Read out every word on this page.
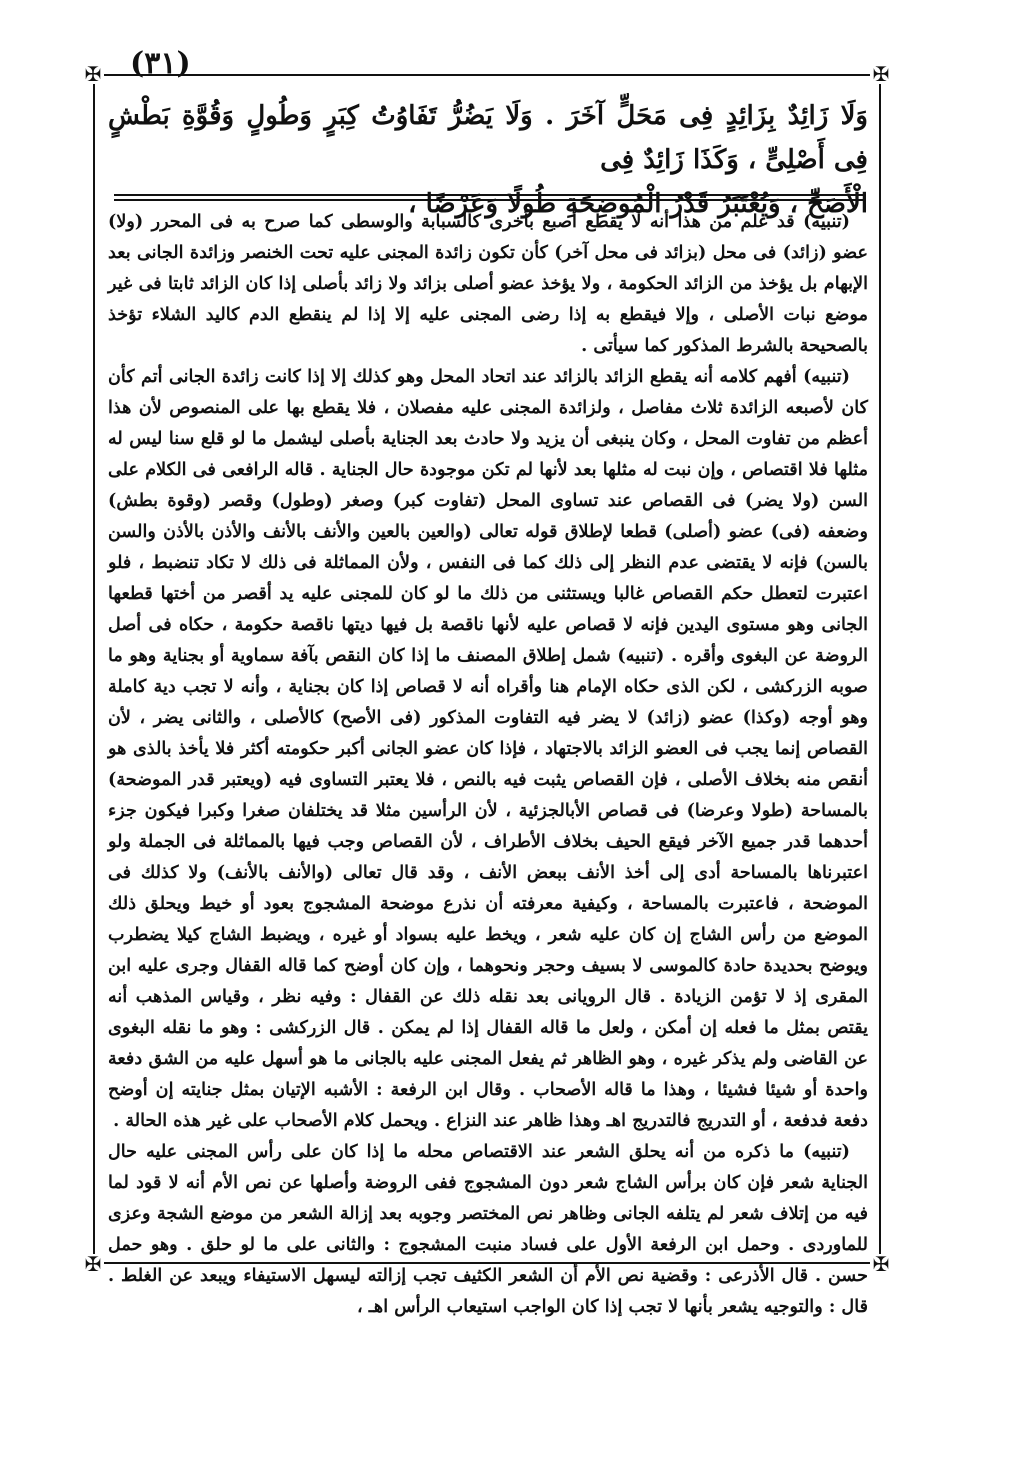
(٣١)
✠	✠
✠	✠

وَلَا زَائِدٌ بِزَائِدٍ فِى مَحَلٍّ آخَرَ . وَلَا يَضُرُّ تَفَاوُتُ كِبَرٍ وَطُولٍ وَقُوَّةِ بَطْشٍ فِى أَصْلِىٍّ ، وَكَذَا زَائِدٌ فِى

الْأَصَحِّ ، وَيُعْتَبَرُ قَدْرُ الْمُوضِحَةِ طُولًا وَعَرْضًا ،

(تنبيه) قد علم من هذا أنه لا يقطع أصبع بأخرى كالسبابة والوسطى كما صرح به فى المحرر (ولا) عضو (زائد) فى محل (بزائد فى محل آخر) كأن تكون زائدة المجنى عليه تحت الخنصر وزائدة الجانى بعد الإبهام بل يؤخذ من الزائد الحكومة ، ولا يؤخذ عضو أصلى بزائد ولا زائد بأصلى إذا كان الزائد ثابتا فى غير موضع نبات الأصلى ، وإلا فيقطع به إذا رضى المجنى عليه إلا إذا لم ينقطع الدم كاليد الشلاء تؤخذ بالصحيحة بالشرط المذكور كما سيأتى .

(تنبيه) أفهم كلامه أنه يقطع الزائد بالزائد عند اتحاد المحل وهو كذلك إلا إذا كانت زائدة الجانى أتم كأن كان لأصبعه الزائدة ثلاث مفاصل ، ولزائدة المجنى عليه مفصلان ، فلا يقطع بها على المنصوص لأن هذا أعظم من تفاوت المحل ، وكان ينبغى أن يزيد ولا حادث بعد الجناية بأصلى ليشمل ما لو قلع سنا ليس له مثلها فلا اقتصاص ، وإن نبت له مثلها بعد لأنها لم تكن موجودة حال الجناية . قاله الرافعى فى الكلام على السن (ولا يضر) فى القصاص عند تساوى المحل (تفاوت كبر) وصغر (وطول) وقصر (وقوة بطش) وضعفه (فى) عضو (أصلى) قطعا لإطلاق قوله تعالى (والعين بالعين والأنف بالأنف والأذن بالأذن والسن بالسن) فإنه لا يقتضى عدم النظر إلى ذلك كما فى النفس ، ولأن المماثلة فى ذلك لا تكاد تنضبط ، فلو اعتبرت لتعطل حكم القصاص غالبا ويستثنى من ذلك ما لو كان للمجنى عليه يد أقصر من أختها قطعها الجانى وهو مستوى اليدين فإنه لا قصاص عليه لأنها ناقصة بل فيها ديتها ناقصة حكومة ، حكاه فى أصل الروضة عن البغوى وأقره . (تنبيه) شمل إطلاق المصنف ما إذا كان النقص بآفة سماوية أو بجناية وهو ما صوبه الزركشى ، لكن الذى حكاه الإمام هنا وأقراه أنه لا قصاص إذا كان بجناية ، وأنه لا تجب دية كاملة وهو أوجه (وكذا) عضو (زائد) لا يضر فيه التفاوت المذكور (فى الأصح) كالأصلى ، والثانى يضر ، لأن القصاص إنما يجب فى العضو الزائد بالاجتهاد ، فإذا كان عضو الجانى أكبر حكومته أكثر فلا يأخذ بالذى هو أنقص منه بخلاف الأصلى ، فإن القصاص يثبت فيه بالنص ، فلا يعتبر التساوى فيه (ويعتبر قدر الموضحة) بالمساحة (طولا وعرضا) فى قصاص الأبالجزئية ، لأن الرأسين مثلا قد يختلفان صغرا وكبرا فيكون جزء أحدهما قدر جميع الآخر فيقع الحيف بخلاف الأطراف ، لأن القصاص وجب فيها بالمماثلة فى الجملة ولو اعتبرناها بالمساحة أدى إلى أخذ الأنف ببعض الأنف ، وقد قال تعالى (والأنف بالأنف) ولا كذلك فى الموضحة ، فاعتبرت بالمساحة ، وكيفية معرفته أن نذرع موضحة المشجوج بعود أو خيط ويحلق ذلك الموضع من رأس الشاج إن كان عليه شعر ، ويخط عليه بسواد أو غيره ، ويضبط الشاج كيلا يضطرب ويوضح بحديدة حادة كالموسى لا بسيف وحجر ونحوهما ، وإن كان أوضح كما قاله القفال وجرى عليه ابن المقرى إذ لا تؤمن الزيادة . قال الرويانى بعد نقله ذلك عن القفال : وفيه نظر ، وقياس المذهب أنه يقتص بمثل ما فعله إن أمكن ، ولعل ما قاله القفال إذا لم يمكن . قال الزركشى : وهو ما نقله البغوى عن القاضى ولم يذكر غيره ، وهو الظاهر ثم يفعل المجنى عليه بالجانى ما هو أسهل عليه من الشق دفعة واحدة أو شيئا فشيئا ، وهذا ما قاله الأصحاب . وقال ابن الرفعة : الأشبه الإتيان بمثل جنايته إن أوضح دفعة فدفعة ، أو التدريج فالتدريج اهـ وهذا ظاهر عند النزاع . ويحمل كلام الأصحاب على غير هذه الحالة .

(تنبيه) ما ذكره من أنه يحلق الشعر عند الاقتصاص محله ما إذا كان على رأس المجنى عليه حال الجناية شعر فإن كان برأس الشاج شعر دون المشجوج ففى الروضة وأصلها عن نص الأم أنه لا قود لما فيه من إتلاف شعر لم يتلفه الجانى وظاهر نص المختصر وجوبه بعد إزالة الشعر من موضع الشجة وعزى للماوردى . وحمل ابن الرفعة الأول على فساد منبت المشجوج : والثانى على ما لو حلق . وهو حمل حسن . قال الأذرعى : وقضية نص الأم أن الشعر الكثيف تجب إزالته ليسهل الاستيفاء ويبعد عن الغلط . قال : والتوجيه يشعر بأنها لا تجب إذا كان الواجب استيعاب الرأس اهـ ،
